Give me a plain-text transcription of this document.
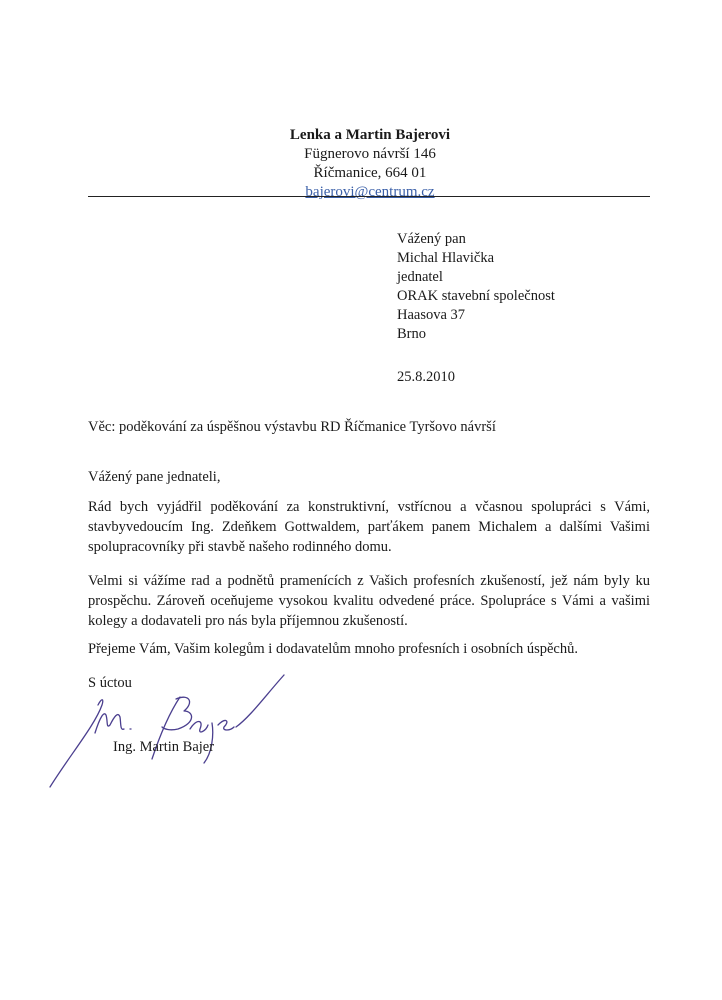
Lenka a Martin Bajerovi
Fügnerovo návrší 146
Říčmanice, 664 01
bajerovi@centrum.cz
Vážený pan
Michal Hlavička
jednatel
ORAK stavební společnost
Haasova 37
Brno
25.8.2010
Věc: poděkování za úspěšnou výstavbu RD Říčmanice Tyršovo návrší
Vážený pane jednateli,
Rád bych vyjádřil poděkování za konstruktivní, vstřícnou a včasnou spolupráci s Vámi, stavbyvedoucím Ing. Zdeňkem Gottwaldem, parťákem panem Michalem a dalšími Vašimi spolupracovníky při stavbě našeho rodinného domu.
Velmi si vážíme rad a podnětů pramenících z Vašich profesních zkušeností, jež nám byly ku prospěchu. Zároveň oceňujeme vysokou kvalitu odvedené práce. Spolupráce s Vámi a vašimi kolegy a dodavateli pro nás byla příjemnou zkušeností.
Přejeme Vám, Vašim kolegům i dodavatelům mnoho profesních i osobních úspěchů.
S úctou
Ing. Martin Bajer
